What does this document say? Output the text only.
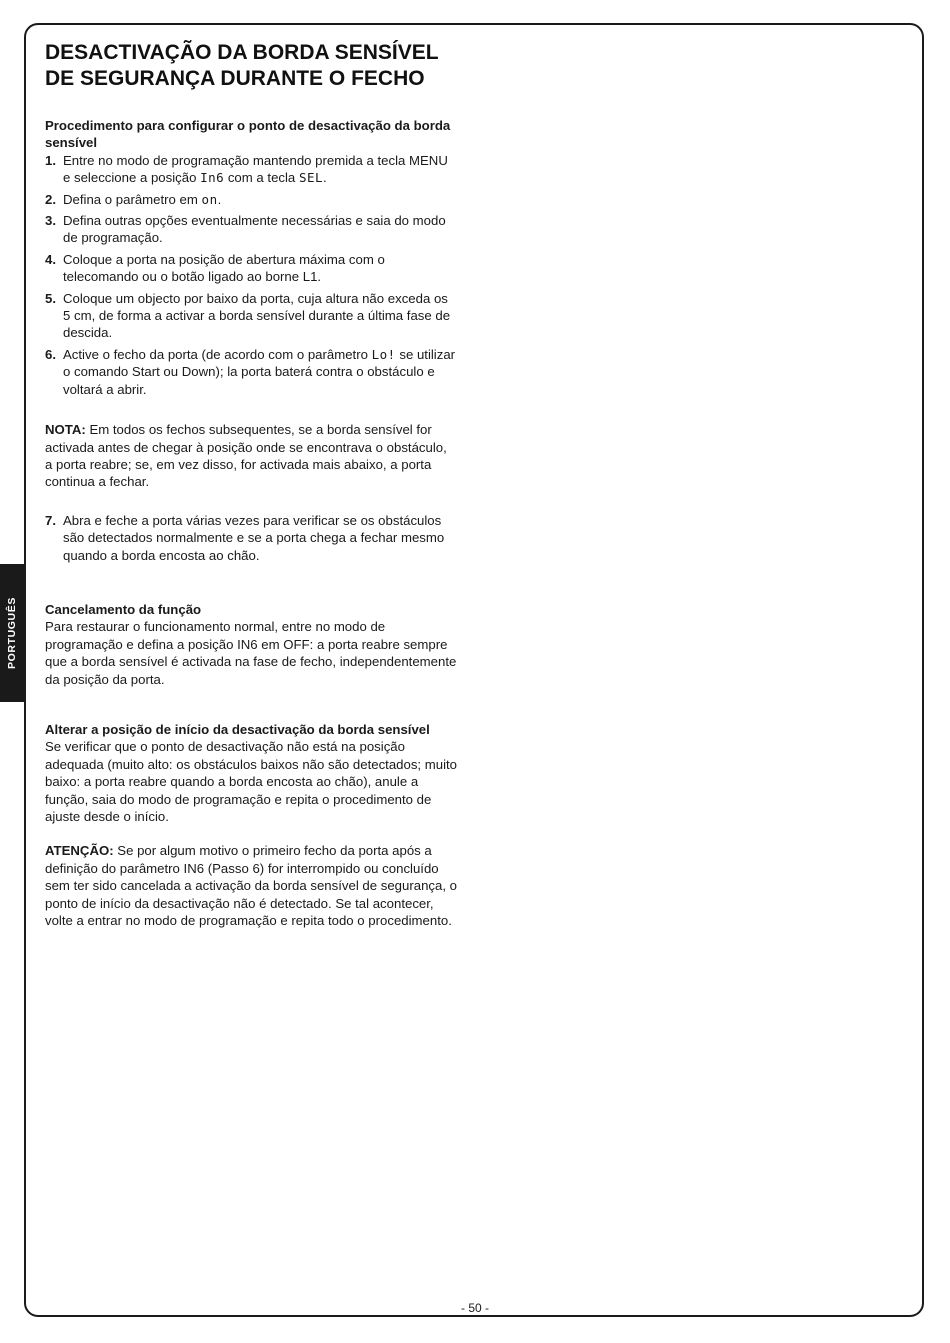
PORTUGUÊS
DESACTIVAÇÃO DA BORDA SENSÍVEL
DE SEGURANÇA DURANTE O FECHO

Procedimento para configurar o ponto de desactivação da borda sensível

1. Entre no modo de programação mantendo premida a tecla MENU e seleccione a posição In6 com a tecla SEL.
2. Defina o parâmetro em on.
3. Defina outras opções eventualmente necessárias e saia do modo de programação.
4. Coloque a porta na posição de abertura máxima com o telecomando ou o botão ligado ao borne L1.
5. Coloque um objecto por baixo da porta, cuja altura não exceda os 5 cm, de forma a activar a borda sensível durante a última fase de descida.
6. Active o fecho da porta (de acordo com o parâmetro Lo! se utilizar o comando Start ou Down); la porta baterá contra o obstáculo e voltará a abrir.

NOTA: Em todos os fechos subsequentes, se a borda sensível for activada antes de chegar à posição onde se encontrava o obstáculo, a porta reabre; se, em vez disso, for activada mais abaixo, a porta continua a fechar.

7. Abra e feche a porta várias vezes para verificar se os obstáculos são detectados normalmente e se a porta chega a fechar mesmo quando a borda encosta ao chão.

Cancelamento da função

Para restaurar o funcionamento normal, entre no modo de programação e defina a posição IN6 em OFF: a porta reabre sempre que a borda sensível é activada na fase de fecho, independentemente da posição da porta.

Alterar a posição de início da desactivação da borda sensível

Se verificar que o ponto de desactivação não está na posição adequada (muito alto: os obstáculos baixos não são detectados; muito baixo: a porta reabre quando a borda encosta ao chão), anule a função, saia do modo de programação e repita o procedimento de ajuste desde o início.

ATENÇÃO: Se por algum motivo o primeiro fecho da porta após a definição do parâmetro IN6 (Passo 6) for interrompido ou concluído sem ter sido cancelada a activação da borda sensível de segurança, o ponto de início da desactivação não é detectado. Se tal acontecer, volte a entrar no modo de programação e repita todo o procedimento.

- 50 -
